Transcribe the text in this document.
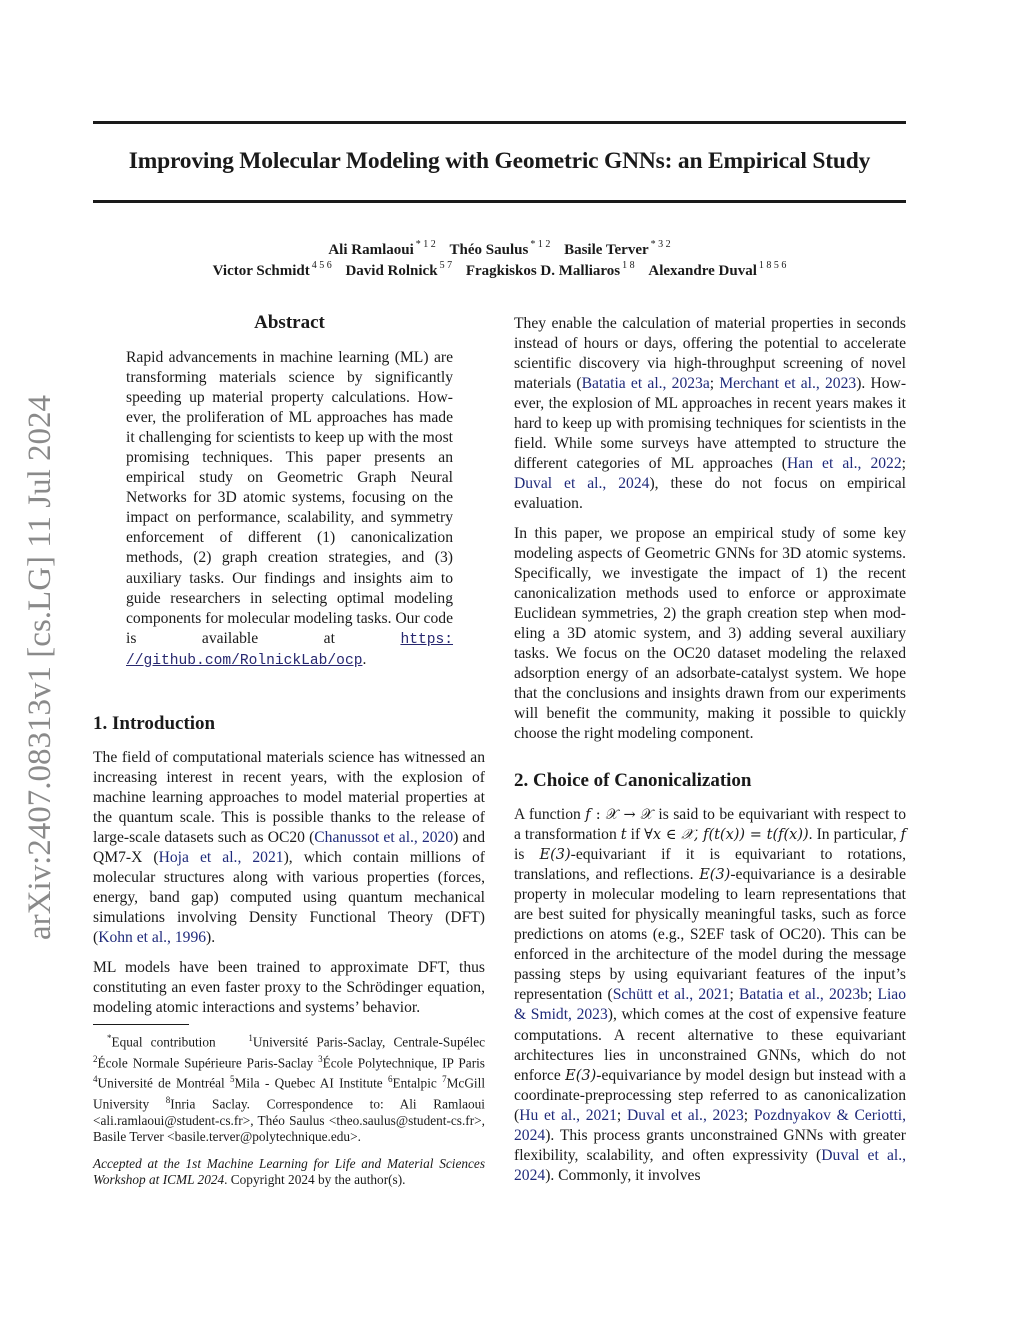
arXiv:2407.08313v1 [cs.LG] 11 Jul 2024
Improving Molecular Modeling with Geometric GNNs: an Empirical Study
Ali Ramlaoui $^{* 1 2}$ Théo Saulus $^{* 1 2}$ Basile Terver $^{* 3 2}$
Victor Schmidt $^{4 5 6}$ David Rolnick $^{5 7}$ Fragkiskos D. Malliaros $^{1 8}$ Alexandre Duval $^{1 8 5 6}$
Abstract

Rapid advancements in machine learning (ML) are transforming materials science by significantly speeding up material property calculations. However, the proliferation of ML approaches has made it challenging for scientists to keep up with the most promising techniques. This paper presents an empirical study on Geometric Graph Neural Networks for 3D atomic systems, focusing on the impact on performance, scalability, and symmetry enforcement of different (1) canonicalization methods, (2) graph creation strategies, and (3) auxiliary tasks. Our findings and insights aim to guide researchers in selecting optimal modeling components for molecular modeling tasks. Our code is available at https: //github.com/RolnickLab/ocp.

1. Introduction

The field of computational materials science has witnessed an increasing interest in recent years, with the explosion of machine learning approaches to model material properties at the quantum scale. This is possible thanks to the release of large-scale datasets such as OC20 (Chanussot et al., 2020) and QM7-X (Hoja et al., 2021), which contain millions of molecular structures along with various properties (forces, energy, band gap) computed using quantum mechanical simulations involving Density Functional Theory (DFT) (Kohn et al., 1996).

ML models have been trained to approximate DFT, thus constituting an even faster proxy to the Schrödinger equation, modeling atomic interactions and systems’ behavior.

*Equal contribution	$^1$Université Paris-Saclay, Centrale-Supélec $^2$École Normale Supérieure Paris-Saclay $^3$École Polytechnique, IP Paris $^4$Université de Montréal $^5$Mila - Quebec AI Institute $^6$Entalpic $^7$McGill University $^8$Inria Saclay. Correspondence to: Ali Ramlaoui <ali.ramlaoui@student-cs.fr>, Théo Saulus <theo.saulus@student-cs.fr>, Basile Terver <basile.terver@polytechnique.edu>.

Accepted at the 1st Machine Learning for Life and Material Sciences Workshop at ICML 2024. Copyright 2024 by the author(s).

They enable the calculation of material properties in seconds instead of hours or days, offering the potential to accelerate scientific discovery via high-throughput screening of novel materials (Batatia et al., 2023a; Merchant et al., 2023). However, the explosion of ML approaches in recent years makes it hard to keep up with promising techniques for scientists in the field. While some surveys have attempted to structure the different categories of ML approaches (Han et al., 2022; Duval et al., 2024), these do not focus on empirical evaluation.

In this paper, we propose an empirical study of some key modeling aspects of Geometric GNNs for 3D atomic systems. Specifically, we investigate the impact of 1) the recent canonicalization methods used to enforce or approximate Euclidean symmetries, 2) the graph creation step when modeling a 3D atomic system, and 3) adding several auxiliary tasks. We focus on the OC20 dataset modeling the relaxed adsorption energy of an adsorbate-catalyst system. We hope that the conclusions and insights drawn from our experiments will benefit the community, making it possible to quickly choose the right modeling component.

2. Choice of Canonicalization

A function f : 𝒳 → 𝒳 is said to be equivariant with respect to a transformation t if ∀x ∈ 𝒳, f(t(x)) = t(f(x)). In particular, f is E(3)-equivariant if it is equivariant to rotations, translations, and reflections. E(3)-equivariance is a desirable property in molecular modeling to learn representations that are best suited for physically meaningful tasks, such as force predictions on atoms (e.g., S2EF task of OC20). This can be enforced in the architecture of the model during the message passing steps by using equivariant features of the input’s representation (Schütt et al., 2021; Batatia et al., 2023b; Liao & Smidt, 2023), which comes at the cost of expensive feature computations. A recent alternative to these equivariant architectures lies in unconstrained GNNs, which do not enforce E(3)-equivariance by model design but instead with a coordinate-preprocessing step referred to as canonicalization (Hu et al., 2021; Duval et al., 2023; Pozdnyakov & Ceriotti, 2024). This process grants unconstrained GNNs with greater flexibility, scalability, and often expressivity (Duval et al., 2024). Commonly, it involves
